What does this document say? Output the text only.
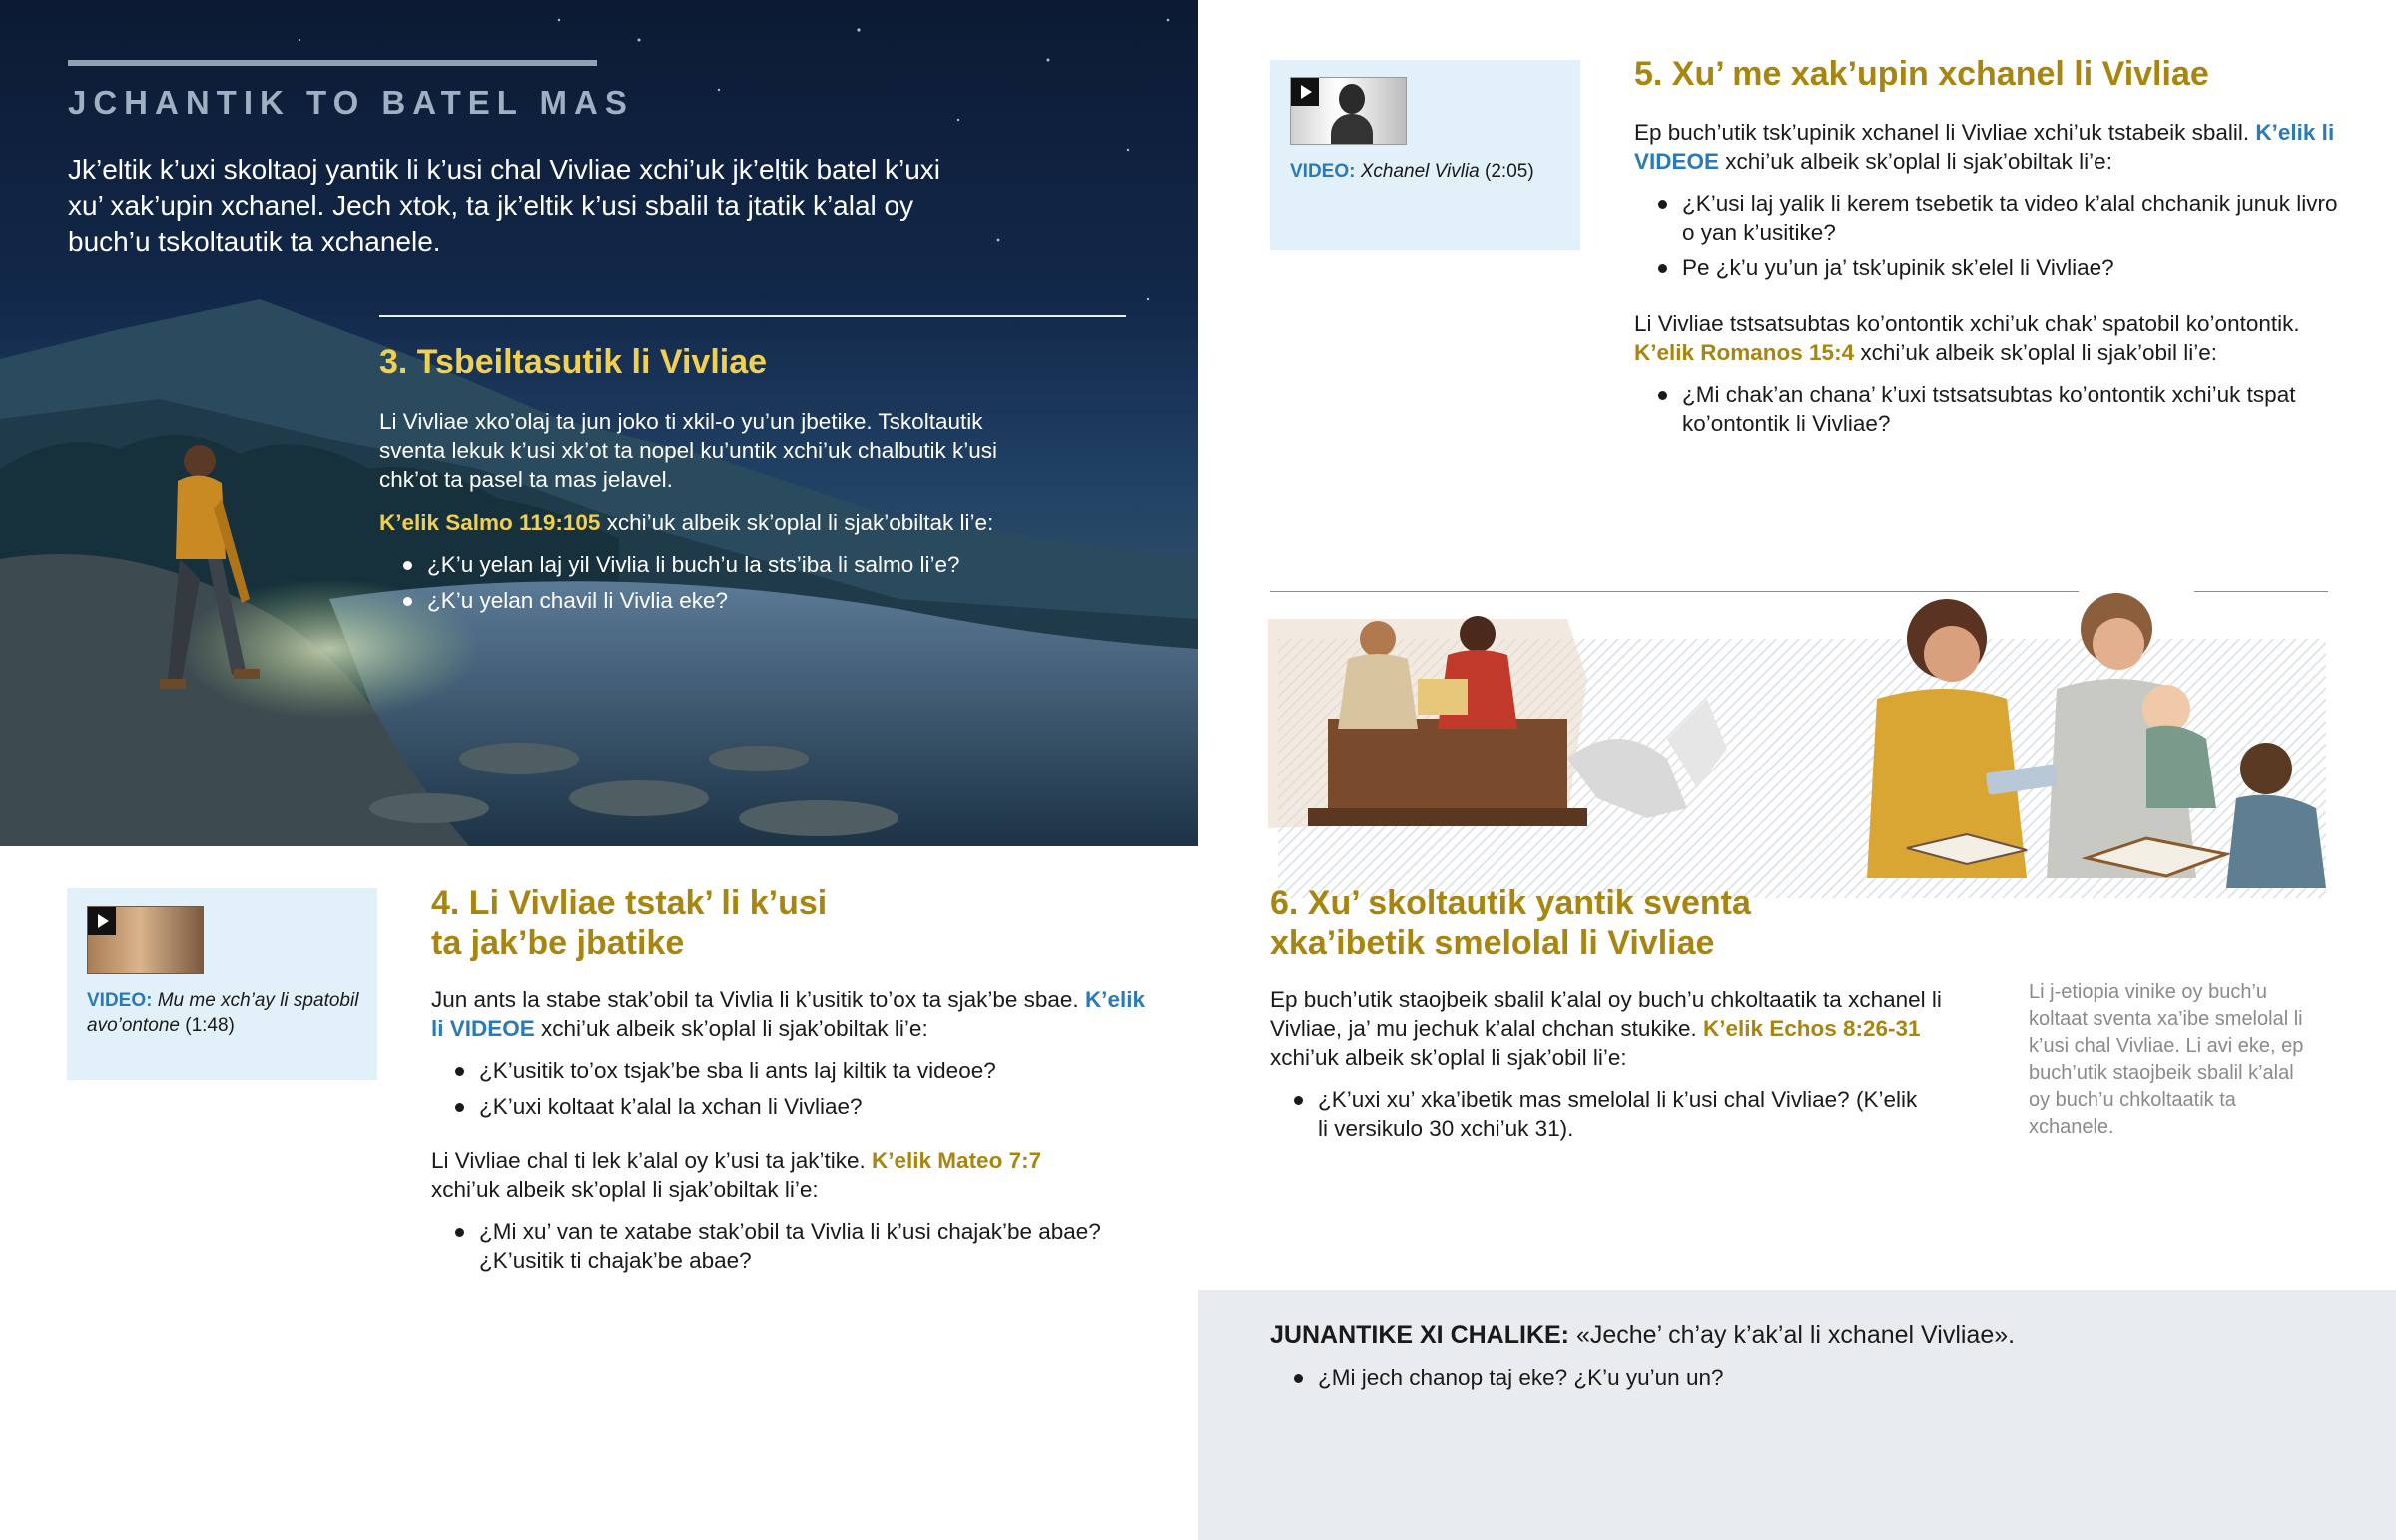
JCHANTIK TO BATEL MAS
Jk’eltik k’uxi skoltaoj yantik li k’usi chal Vivliae xchi’uk jk’eltik batel k’uxi xu’ xak’upin xchanel. Jech xtok, ta jk’eltik k’usi sbalil ta jtatik k’alal oy buch’u tskoltautik ta xchanele.
3. Tsbeiltasutik li Vivliae
Li Vivliae xko’olaj ta jun joko ti xkil-o yu’un jbetike. Tskoltautik sventa lekuk k’usi xk’ot ta nopel ku’untik xchi’uk chalbutik k’usi chk’ot ta pasel ta mas jelavel.
K’elik Salmo 119:105 xchi’uk albeik sk’oplal li sjak’obiltak li’e:
¿K’u yelan laj yil Vivlia li buch’u la sts’iba li salmo li’e?
¿K’u yelan chavil li Vivlia eke?
VIDEO: Mu me xch’ay li spatobil avo’ontone (1:48)
4. Li Vivliae tstak’ li k’usi
ta jak’be jbatike
Jun ants la stabe stak’obil ta Vivlia li k’usitik to’ox ta sjak’be sbae. K’elik li VIDEOE xchi’uk albeik sk’oplal li sjak’obiltak li’e:
¿K’usitik to’ox tsjak’be sba li ants laj kiltik ta videoe?
¿K’uxi koltaat k’alal la xchan li Vivliae?
Li Vivliae chal ti lek k’alal oy k’usi ta jak’tike. K’elik Mateo 7:7
xchi’uk albeik sk’oplal li sjak’obiltak li’e:
¿Mi xu’ van te xatabe stak’obil ta Vivlia li k’usi chajak’be abae? ¿K’usitik ti chajak’be abae?
VIDEO: Xchanel Vivlia (2:05)
5. Xu’ me xak’upin xchanel li Vivliae
Ep buch’utik tsk’upinik xchanel li Vivliae xchi’uk tstabeik sbalil. K’elik li VIDEOE xchi’uk albeik sk’oplal li sjak’obiltak li’e:
¿K’usi laj yalik li kerem tsebetik ta video k’alal chchanik junuk livro o yan k’usitike?
Pe ¿k’u yu’un ja’ tsk’upinik sk’elel li Vivliae?
Li Vivliae tstsatsubtas ko’ontontik xchi’uk chak’ spatobil ko’ontontik. K’elik Romanos 15:4 xchi’uk albeik sk’oplal li sjak’obil li’e:
¿Mi chak’an chana’ k’uxi tstsatsubtas ko’ontontik xchi’uk tspat ko’ontontik li Vivliae?
6. Xu’ skoltautik yantik sventa
xka’ibetik smelolal li Vivliae
Ep buch’utik staojbeik sbalil k’alal oy buch’u chkoltaatik ta xchanel li Vivliae, ja’ mu jechuk k’alal chchan stukike. K’elik Echos 8:26-31 xchi’uk albeik sk’oplal li sjak’obil li’e:
¿K’uxi xu’ xka’ibetik mas smelolal li k’usi chal Vivliae? (K’elik li versikulo 30 xchi’uk 31).
Li j-etiopia vinike oy buch’u koltaat sventa xa’ibe smelolal li k’usi chal Vivliae. Li avi eke, ep buch’utik staojbeik sbalil k’alal oy buch’u chkoltaatik ta xchanele.
JUNANTIKE XI CHALIKE: «Jeche’ ch’ay k’ak’al li xchanel Vivliae».
¿Mi jech chanop taj eke? ¿K’u yu’un un?
